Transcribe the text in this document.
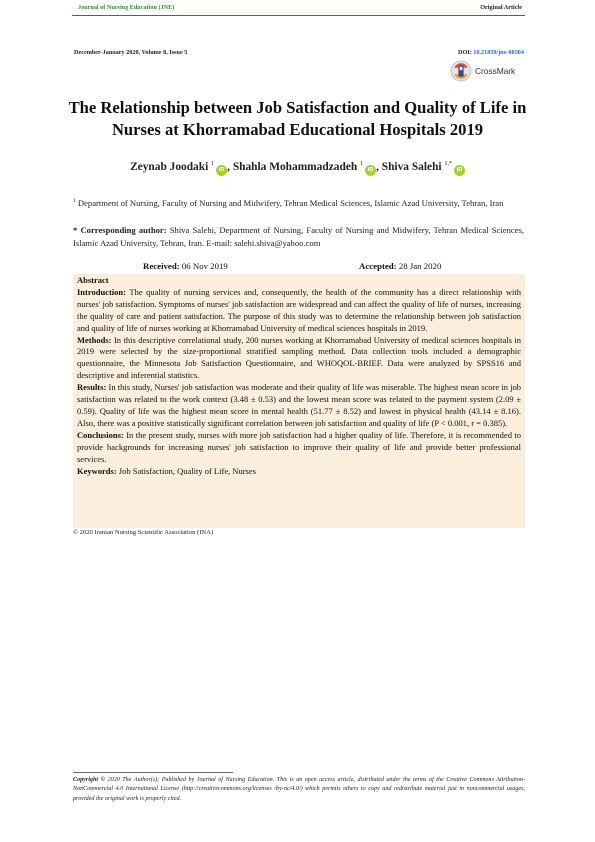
Journal of Nursing Education (JNE)	Original Article
December-January 2020, Volume 8, Issue 5	DOI: 10.21859/jne-08504
CrossMark
The Relationship between Job Satisfaction and Quality of Life in Nurses at Khorramabad Educational Hospitals 2019
Zeynab Joodaki $^1$iD , Shahla Mohammadzadeh $^1$iD , Shiva Salehi $^{1,*}$iD
$^1$ Department of Nursing, Faculty of Nursing and Midwifery, Tehran Medical Sciences, Islamic Azad University, Tehran, Iran
* Corresponding author: Shiva Salehi, Department of Nursing, Faculty of Nursing and Midwifery, Tehran Medical Sciences, Islamic Azad University, Tehran, Iran. E-mail: salehi.shiva@yahoo.com
Received: 06 Nov 2019	Accepted: 28 Jan 2020

Abstract

Introduction: The quality of nursing services and, consequently, the health of the community has a direct relationship with nurses' job satisfaction. Symptoms of nurses' job satisfaction are widespread and can affect the quality of life of nurses, increasing the quality of care and patient satisfaction. The purpose of this study was to determine the relationship between job satisfaction and quality of life of nurses working at Khorramabad University of medical sciences hospitals in 2019.

Methods: In this descriptive correlational study, 200 nurses working at Khorramabad University of medical sciences hospitals in 2019 were selected by the size-proportional stratified sampling method. Data collection tools included a demographic questionnaire, the Minnesota Job Satisfaction Questionnaire, and WHOQOL-BRIEF. Data were analyzed by SPSS16 and descriptive and inferential statistics.

Results: In this study, Nurses' job satisfaction was moderate and their quality of life was miserable. The highest mean score in job satisfaction was related to the work context (3.48 ± 0.53) and the lowest mean score was related to the payment system (2.09 ± 0.59). Quality of life was the highest mean score in mental health (51.77 ± 8.52) and lowest in physical health (43.14 ± 8.16). Also, there was a positive statistically significant correlation between job satisfaction and quality of life (P < 0.001, r = 0.385).

Conclusions: In the present study, nurses with more job satisfaction had a higher quality of life. Therefore, it is recommended to provide backgrounds for increasing nurses' job satisfaction to improve their quality of life and provide better professional services.

Keywords: Job Satisfaction, Quality of Life, Nurses

© 2020 Iranian Nursing Scientific Association (INA)
Copyright © 2020 The Author(s); Published by Journal of Nursing Education. This is an open access article, distributed under the terms of the Creative Commons Attribution-NonCommercial 4.0 International License (http://creativecommons.org/licenses /by-nc/4.0/) which permits others to copy and redistribute material just in noncommercial usages, provided the original work is properly cited.
